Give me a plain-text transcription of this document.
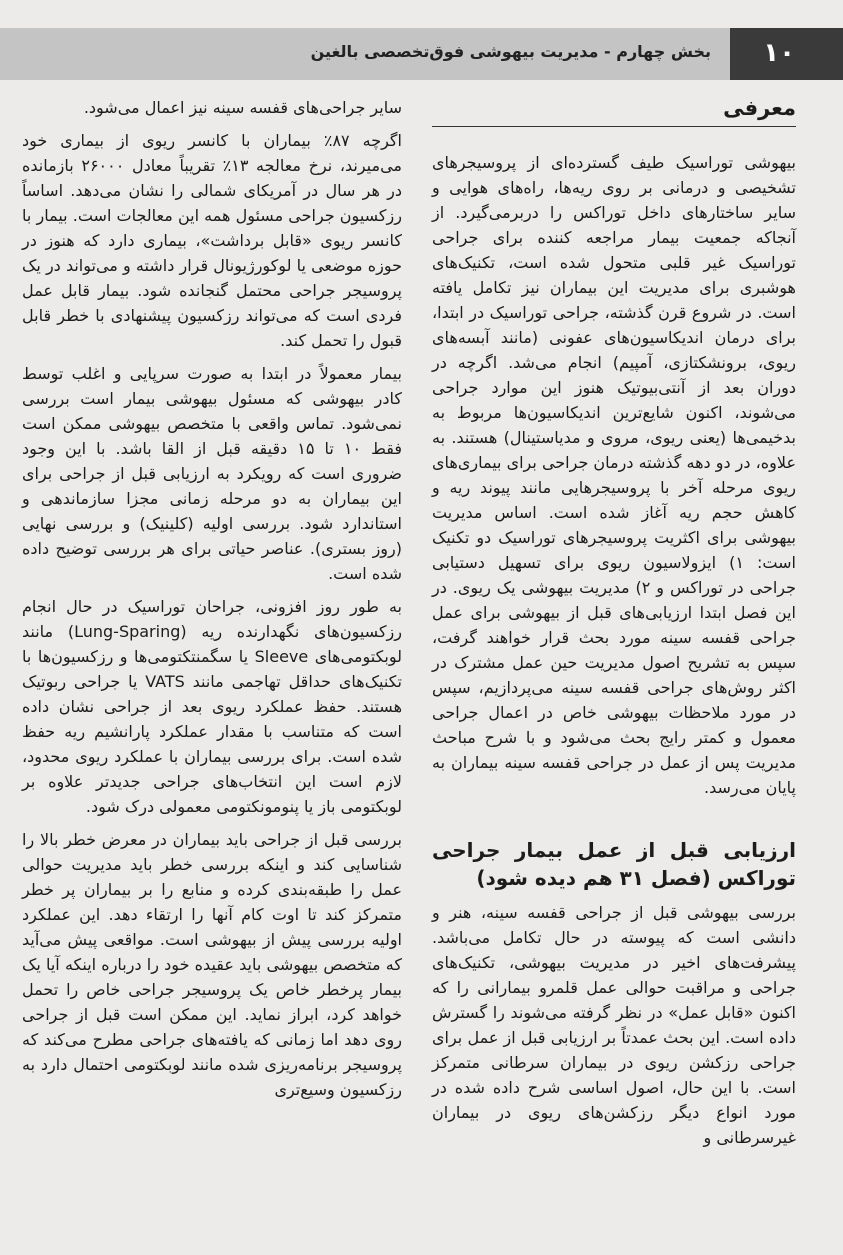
۱۰
بخش چهارم - مدیریت بیهوشی فوق‌تخصصی بالغین
معرفی

بیهوشی توراسیک طیف گسترده‌ای از پروسیجرهای تشخیصی و درمانی بر روی ریه‌ها، راه‌های هوایی و سایر ساختارهای داخل توراکس را دربرمی‌گیرد. از آنجاکه جمعیت بیمار مراجعه کننده برای جراحی توراسیک غیر قلبی متحول شده است، تکنیک‌های هوشبری برای مدیریت این بیماران نیز تکامل یافته است. در شروع قرن گذشته، جراحی توراسیک در ابتدا، برای درمان اندیکاسیون‌های عفونی (مانند آبسه‌های ریوی، برونشکتازی، آمپیم) انجام می‌شد. اگرچه در دوران بعد از آنتی‌بیوتیک هنوز این موارد جراحی می‌شوند، اکنون شایع‌ترین اندیکاسیون‌ها مربوط به بدخیمی‌ها (یعنی ریوی، مروی و مدیاستینال) هستند. به علاوه، در دو دهه گذشته درمان جراحی برای بیماری‌های ریوی مرحله آخر با پروسیجرهایی مانند پیوند ریه و کاهش حجم ریه آغاز شده است. اساس مدیریت بیهوشی برای اکثریت پروسیجرهای توراسیک دو تکنیک است: ۱) ایزولاسیون ریوی برای تسهیل دستیابی جراحی در توراکس و ۲) مدیریت بیهوشی یک ریوی. در این فصل ابتدا ارزیابی‌های قبل از بیهوشی برای عمل جراحی قفسه سینه مورد بحث قرار خواهند گرفت، سپس به تشریح اصول مدیریت حین عمل مشترک در اکثر روش‌های جراحی قفسه سینه می‌پردازیم، سپس در مورد ملاحظات بیهوشی خاص در اعمال جراحی معمول و کمتر رایج بحث می‌شود و با شرح مباحث مدیریت پس از عمل در جراحی قفسه سینه بیماران به پایان می‌رسد.

ارزیابی قبل از عمل بیمار جراحی توراکس (فصل ۳۱ هم دیده شود)

بررسی بیهوشی قبل از جراحی قفسه سینه، هنر و دانشی است که پیوسته در حال تکامل می‌باشد. پیشرفت‌های اخیر در مدیریت بیهوشی، تکنیک‌های جراحی و مراقبت حوالی عمل قلمرو بیمارانی را که اکنون «قابل عمل» در نظر گرفته می‌شوند را گسترش داده است. این بحث عمدتاً بر ارزیابی قبل از عمل برای جراحی رزکشن ریوی در بیماران سرطانی متمرکز است. با این حال، اصول اساسی شرح داده شده در مورد انواع دیگر رزکشن‌های ریوی در بیماران غیرسرطانی و

سایر جراحی‌های قفسه سینه نیز اعمال می‌شود.

اگرچه ۸۷٪ بیماران با کانسر ریوی از بیماری خود می‌میرند، نرخ معالجه ۱۳٪ تقریباً معادل ۲۶۰۰۰ بازمانده در هر سال در آمریکای شمالی را نشان می‌دهد. اساساً رزکسیون جراحی مسئول همه این معالجات است. بیمار با کانسر ریوی «قابل برداشت»، بیماری دارد که هنوز در حوزه موضعی یا لوکورژیونال قرار داشته و می‌تواند در یک پروسیجر جراحی محتمل گنجانده شود. بیمار قابل عمل فردی است که می‌تواند رزکسیون پیشنهادی با خطر قابل قبول را تحمل کند.

بیمار معمولاً در ابتدا به صورت سرپایی و اغلب توسط کادر بیهوشی که مسئول بیهوشی بیمار است بررسی نمی‌شود. تماس واقعی با متخصص بیهوشی ممکن است فقط ۱۰ تا ۱۵ دقیقه قبل از القا باشد. با این وجود ضروری است که رویکرد به ارزیابی قبل از جراحی برای این بیماران به دو مرحله زمانی مجزا سازماندهی و استاندارد شود. بررسی اولیه (کلینیک) و بررسی نهایی (روز بستری). عناصر حیاتی برای هر بررسی توضیح داده شده است.

به طور روز افزونی، جراحان توراسیک در حال انجام رزکسیون‌های نگهدارنده ریه (Lung-Sparing) مانند لوبکتومی‌های Sleeve یا سگمنتکتومی‌ها و رزکسیون‌ها با تکنیک‌های حداقل تهاجمی مانند VATS یا جراحی ربوتیک هستند. حفظ عملکرد ریوی بعد از جراحی نشان داده است که متناسب با مقدار عملکرد پارانشیم ریه حفظ شده است. برای بررسی بیماران با عملکرد ریوی محدود، لازم است این انتخاب‌های جراحی جدیدتر علاوه بر لوبکتومی باز یا پنومونکتومی معمولی درک شود.

بررسی قبل از جراحی باید بیماران در معرض خطر بالا را شناسایی کند و اینکه بررسی خطر باید مدیریت حوالی عمل را طبقه‌بندی کرده و منابع را بر بیماران پر خطر متمرکز کند تا اوت کام آنها را ارتقاء دهد. این عملکرد اولیه بررسی پیش از بیهوشی است. مواقعی پیش می‌آید که متخصص بیهوشی باید عقیده خود را درباره اینکه آیا یک بیمار پرخطر خاص یک پروسیجر جراحی خاص را تحمل خواهد کرد، ابراز نماید. این ممکن است قبل از جراحی روی دهد اما زمانی که یافته‌های جراحی مطرح می‌کند که پروسیجر برنامه‌ریزی شده مانند لوبکتومی احتمال دارد به رزکسیون وسیع‌تری
